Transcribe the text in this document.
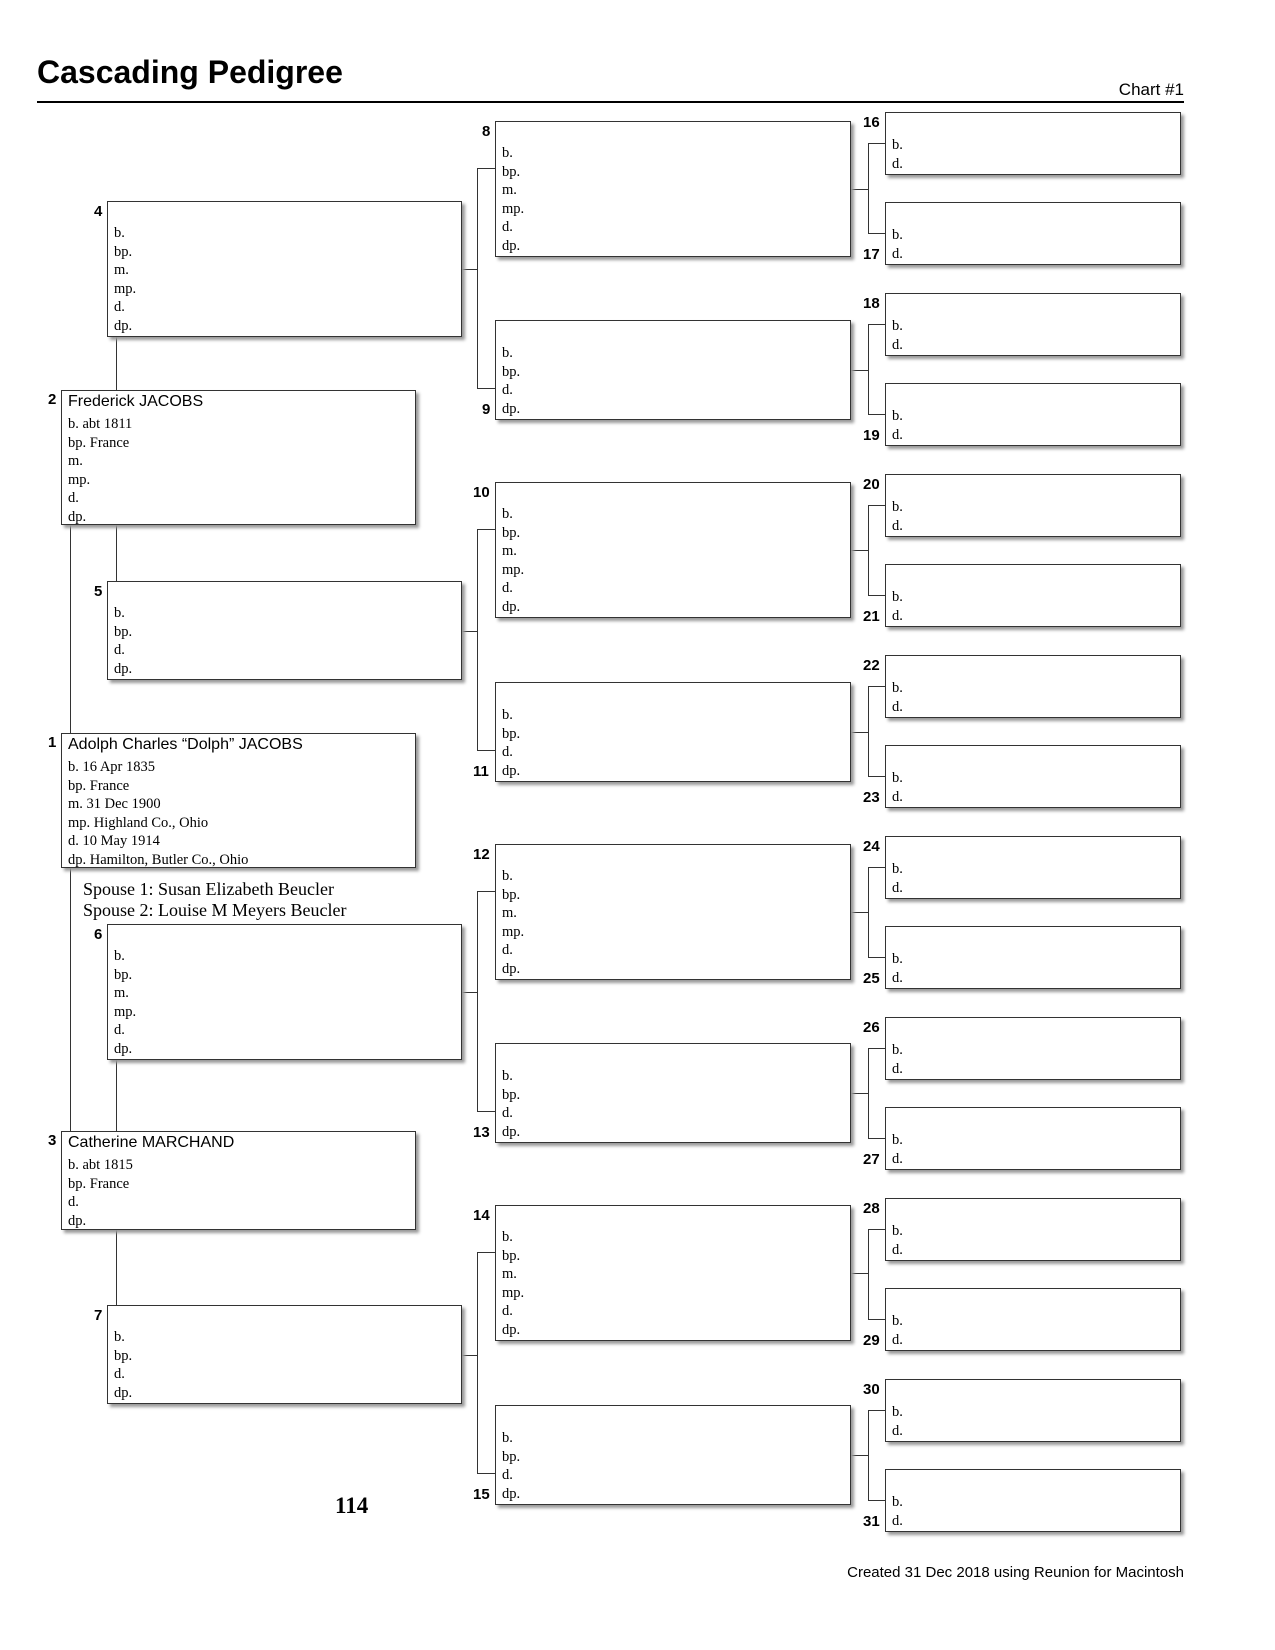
Cascading Pedigree	Chart #1
Adolph Charles “Dolph” JACOBS
b. 16 Apr 1835
bp. France
m. 31 Dec 1900
mp. Highland Co., Ohio
d. 10 May 1914
dp. Hamilton, Butler Co., Ohio
1
Frederick JACOBS
b. abt 1811
bp. France
m.
mp.
d.
dp.
2
Catherine MARCHAND
b. abt 1815
bp. France
d.
dp.
3
b.
bp.
m.
mp.
d.
dp.
4
b.
bp.
d.
dp.
5
b.
bp.
m.
mp.
d.
dp.
6
b.
bp.
d.
dp.
7
b.
bp.
m.
mp.
d.
dp.
8
b.
bp.
d.
dp.
9
b.
bp.
m.
mp.
d.
dp.
10
b.
bp.
d.
dp.
11
b.
bp.
m.
mp.
d.
dp.
12
b.
bp.
d.
dp.
13
b.
bp.
m.
mp.
d.
dp.
14
b.
bp.
d.
dp.
15
b.
d.
16
b.
d.
17
b.
d.
18
b.
d.
19
b.
d.
20
b.
d.
21
b.
d.
22
b.
d.
23
b.
d.
24
b.
d.
25
b.
d.
26
b.
d.
27
b.
d.
28
b.
d.
29
b.
d.
30
b.
d.
31
Spouse 1: Susan Elizabeth Beucler
Spouse 2: Louise M Meyers Beucler
114
Created 31 Dec 2018 using Reunion for Macintosh
